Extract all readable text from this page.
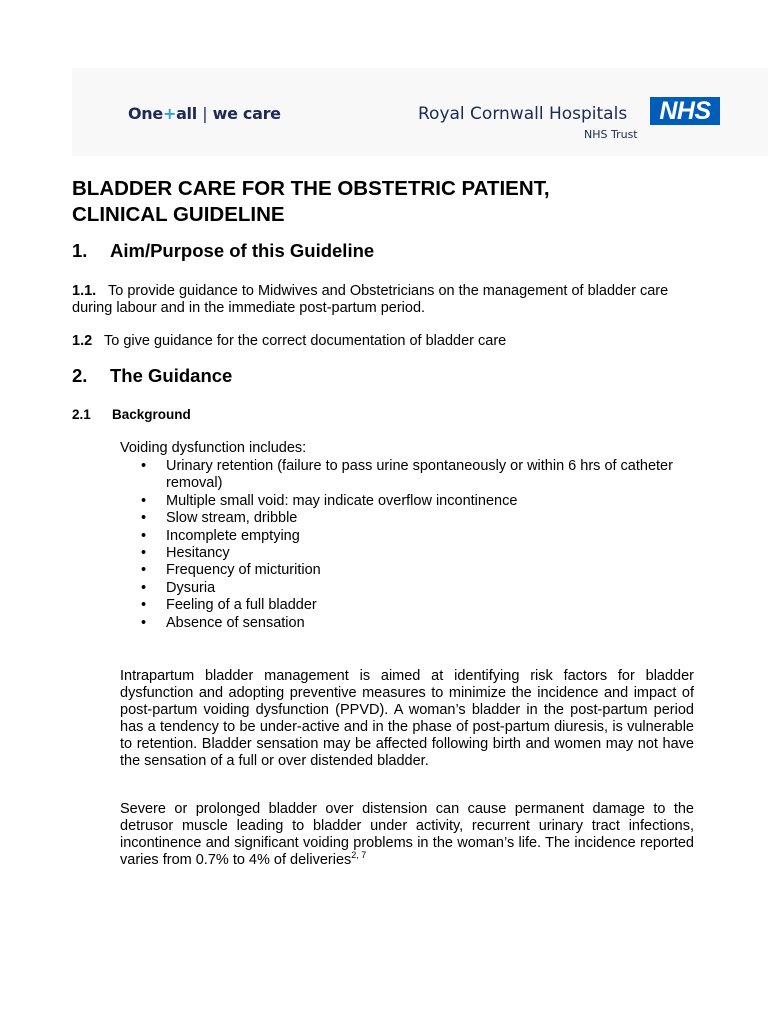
One+all | we care	Royal Cornwall Hospitals
NHS Trust
NHS
BLADDER CARE FOR THE OBSTETRIC PATIENT,
CLINICAL GUIDELINE
1. Aim/Purpose of this Guideline

1.1. To provide guidance to Midwives and Obstetricians on the management of bladder care during labour and in the immediate post-partum period.

1.2 To give guidance for the correct documentation of bladder care

2. The Guidance
2.1 Background
Voiding dysfunction includes:
• Urinary retention (failure to pass urine spontaneously or within 6 hrs of catheter removal)
• Multiple small void: may indicate overflow incontinence
• Slow stream, dribble
• Incomplete emptying
• Hesitancy
• Frequency of micturition
• Dysuria
• Feeling of a full bladder
• Absence of sensation

Intrapartum bladder management is aimed at identifying risk factors for bladder dysfunction and adopting preventive measures to minimize the incidence and impact of post-partum voiding dysfunction (PPVD). A woman’s bladder in the post-partum period has a tendency to be under-active and in the phase of post-partum diuresis, is vulnerable to retention. Bladder sensation may be affected following birth and women may not have the sensation of a full or over distended bladder.

Severe or prolonged bladder over distension can cause permanent damage to the detrusor muscle leading to bladder under activity, recurrent urinary tract infections, incontinence and significant voiding problems in the woman’s life. The incidence reported varies from 0.7% to 4% of deliveries$^{2, 7}$
